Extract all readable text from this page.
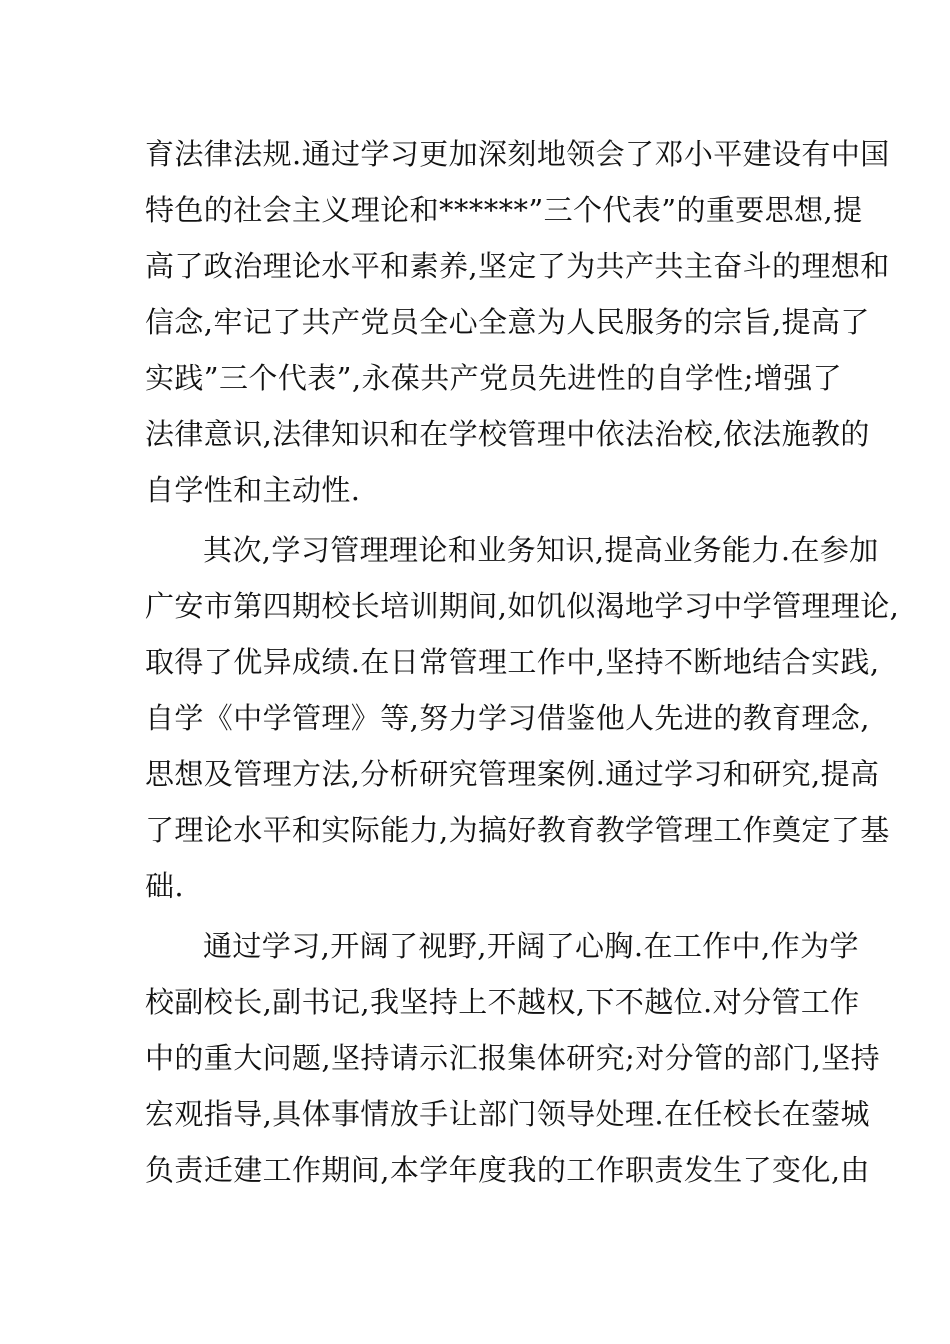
育法律法规.通过学习更加深刻地领会了邓小平建设有中国
特色的社会主义理论和******”三个代表”的重要思想,提
高了政治理论水平和素养,坚定了为共产共主奋斗的理想和
信念,牢记了共产党员全心全意为人民服务的宗旨,提高了
实践”三个代表”,永葆共产党员先进性的自学性;增强了
法律意识,法律知识和在学校管理中依法治校,依法施教的
自学性和主动性.
其次,学习管理理论和业务知识,提高业务能力.在参加
广安市第四期校长培训期间,如饥似渴地学习中学管理理论,
取得了优异成绩.在日常管理工作中,坚持不断地结合实践,
自学《中学管理》等,努力学习借鉴他人先进的教育理念,
思想及管理方法,分析研究管理案例.通过学习和研究,提高
了理论水平和实际能力,为搞好教育教学管理工作奠定了基
础.
通过学习,开阔了视野,开阔了心胸.在工作中,作为学
校副校长,副书记,我坚持上不越权,下不越位.对分管工作
中的重大问题,坚持请示汇报集体研究;对分管的部门,坚持
宏观指导,具体事情放手让部门领导处理.在任校长在蓥城
负责迁建工作期间,本学年度我的工作职责发生了变化,由
